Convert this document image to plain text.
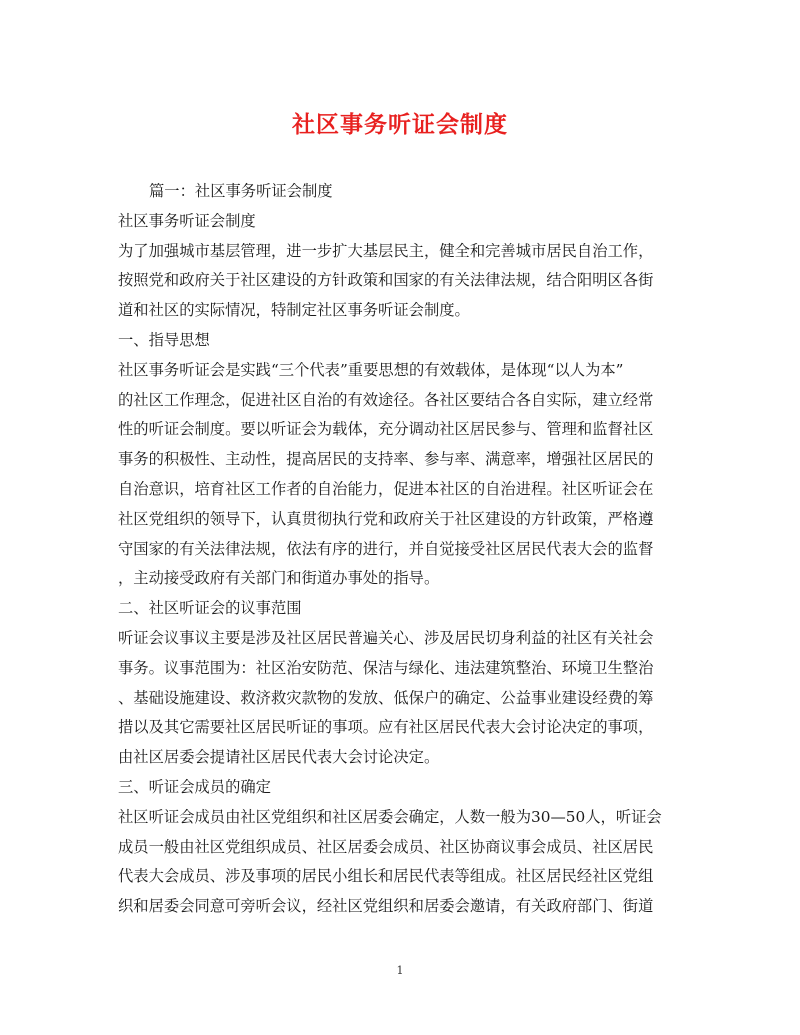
社区事务听证会制度
篇一：社区事务听证会制度
社区事务听证会制度
为了加强城市基层管理，进一步扩大基层民主，健全和完善城市居民自治工作，
按照党和政府关于社区建设的方针政策和国家的有关法律法规，结合阳明区各街
道和社区的实际情况，特制定社区事务听证会制度。
一、指导思想
社区事务听证会是实践“三个代表”重要思想的有效载体，是体现“以人为本”
的社区工作理念，促进社区自治的有效途径。各社区要结合各自实际，建立经常
性的听证会制度。要以听证会为载体，充分调动社区居民参与、管理和监督社区
事务的积极性、主动性，提高居民的支持率、参与率、满意率，增强社区居民的
自治意识，培育社区工作者的自治能力，促进本社区的自治进程。社区听证会在
社区党组织的领导下，认真贯彻执行党和政府关于社区建设的方针政策，严格遵
守国家的有关法律法规，依法有序的进行，并自觉接受社区居民代表大会的监督
，主动接受政府有关部门和街道办事处的指导。
二、社区听证会的议事范围
听证会议事议主要是涉及社区居民普遍关心、涉及居民切身利益的社区有关社会
事务。议事范围为：社区治安防范、保洁与绿化、违法建筑整治、环境卫生整治
、基础设施建设、救济救灾款物的发放、低保户的确定、公益事业建设经费的筹
措以及其它需要社区居民听证的事项。应有社区居民代表大会讨论决定的事项，
由社区居委会提请社区居民代表大会讨论决定。
三、听证会成员的确定
社区听证会成员由社区党组织和社区居委会确定，人数一般为30—50人，听证会
成员一般由社区党组织成员、社区居委会成员、社区协商议事会成员、社区居民
代表大会成员、涉及事项的居民小组长和居民代表等组成。社区居民经社区党组
织和居委会同意可旁听会议，经社区党组织和居委会邀请，有关政府部门、街道
1
